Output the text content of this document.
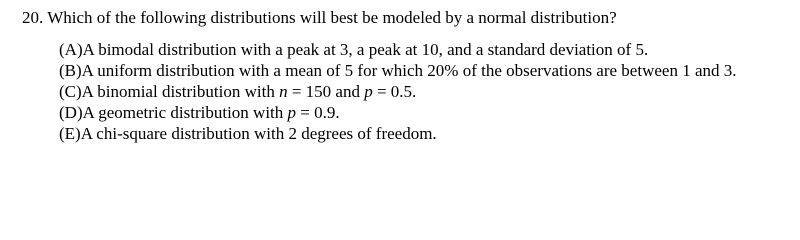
20. Which of the following distributions will best be modeled by a normal distribution?
(A)A bimodal distribution with a peak at 3, a peak at 10, and a standard deviation of 5.
(B)A uniform distribution with a mean of 5 for which 20% of the observations are between 1 and 3.
(C)A binomial distribution with n = 150 and p = 0.5.
(D)A geometric distribution with p = 0.9.
(E)A chi-square distribution with 2 degrees of freedom.
